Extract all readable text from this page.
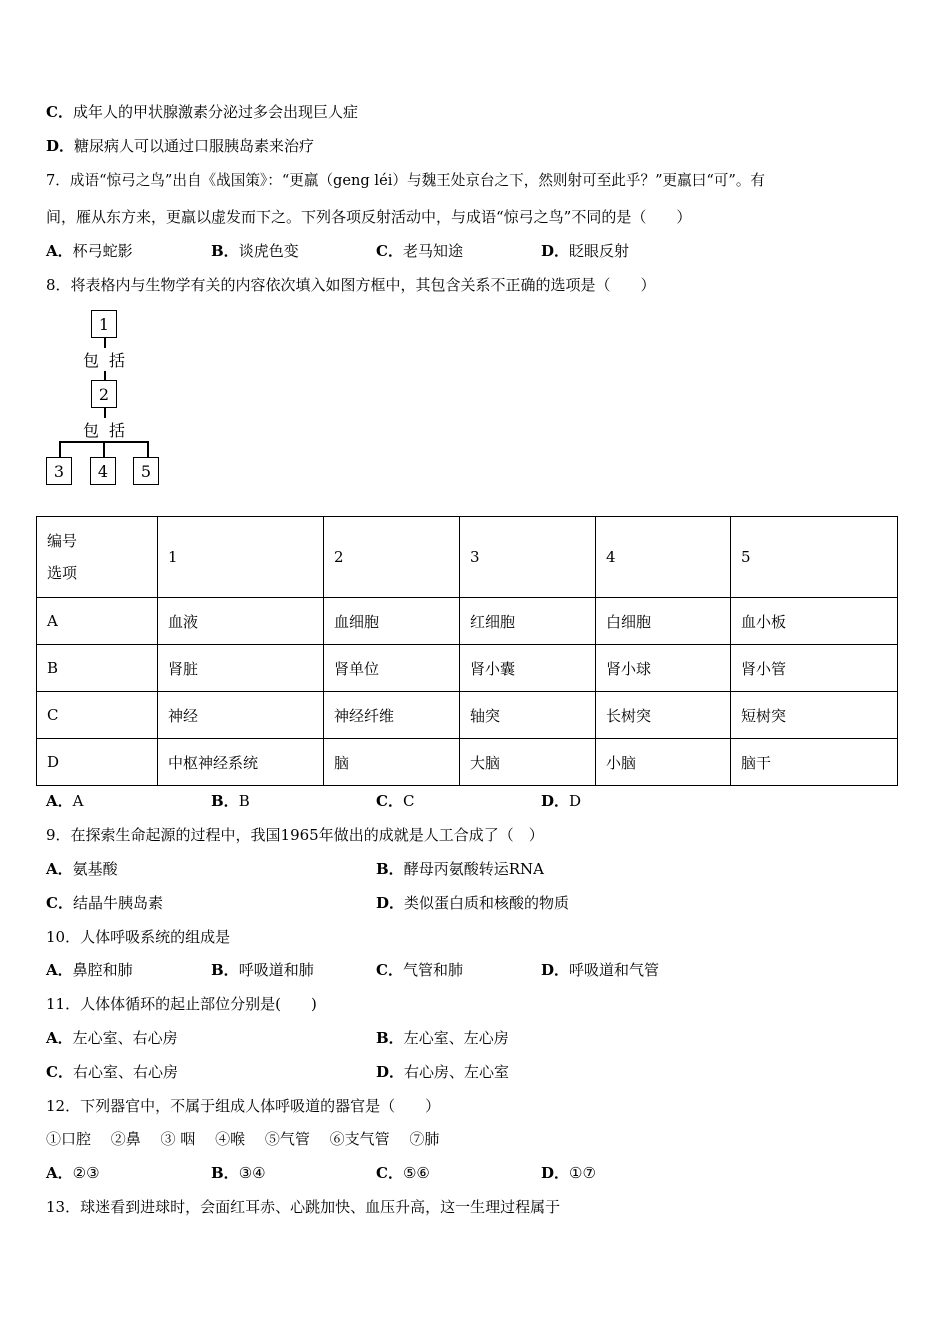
C．成年人的甲状腺激素分泌过多会出现巨人症
D．糖尿病人可以通过口服胰岛素来治疗
7．成语“惊弓之鸟”出自《战国策》：“更羸（geng léi）与魏王处京台之下，然则射可至此乎？”更羸曰“可”。有
间，雁从东方来，更羸以虚发而下之。下列各项反射活动中，与成语“惊弓之鸟”不同的是（　　）
A．杯弓蛇影	B．谈虎色变	C．老马知途	D．眨眼反射
8．将表格内与生物学有关的内容依次填入如图方框中，其包含关系不正确的选项是（　　）
1
包括
2
包括
3	4	5
编号
选项	1	2	3	4	5
A	血液	血细胞	红细胞	白细胞	血小板
B	肾脏	肾单位	肾小囊	肾小球	肾小管
C	神经	神经纤维	轴突	长树突	短树突
D	中枢神经系统	脑	大脑	小脑	脑干
A．A	B．B	C．C	D．D
9．在探索生命起源的过程中，我国1965年做出的成就是人工合成了（　）
A．氨基酸	B．酵母丙氨酸转运RNA
C．结晶牛胰岛素	D．类似蛋白质和核酸的物质
10．人体呼吸系统的组成是
A．鼻腔和肺	B．呼吸道和肺	C．气管和肺	D．呼吸道和气管
11．人体体循环的起止部位分别是(　　)
A．左心室、右心房	B．左心室、左心房
C．右心室、右心房	D．右心房、左心室
12．下列器官中，不属于组成人体呼吸道的器官是（　　）
①口腔　 ②鼻　 ③ 咽　 ④喉　 ⑤气管　 ⑥支气管　 ⑦肺
A．②③	B．③④	C．⑤⑥	D．①⑦
13．球迷看到进球时，会面红耳赤、心跳加快、血压升高，这一生理过程属于
